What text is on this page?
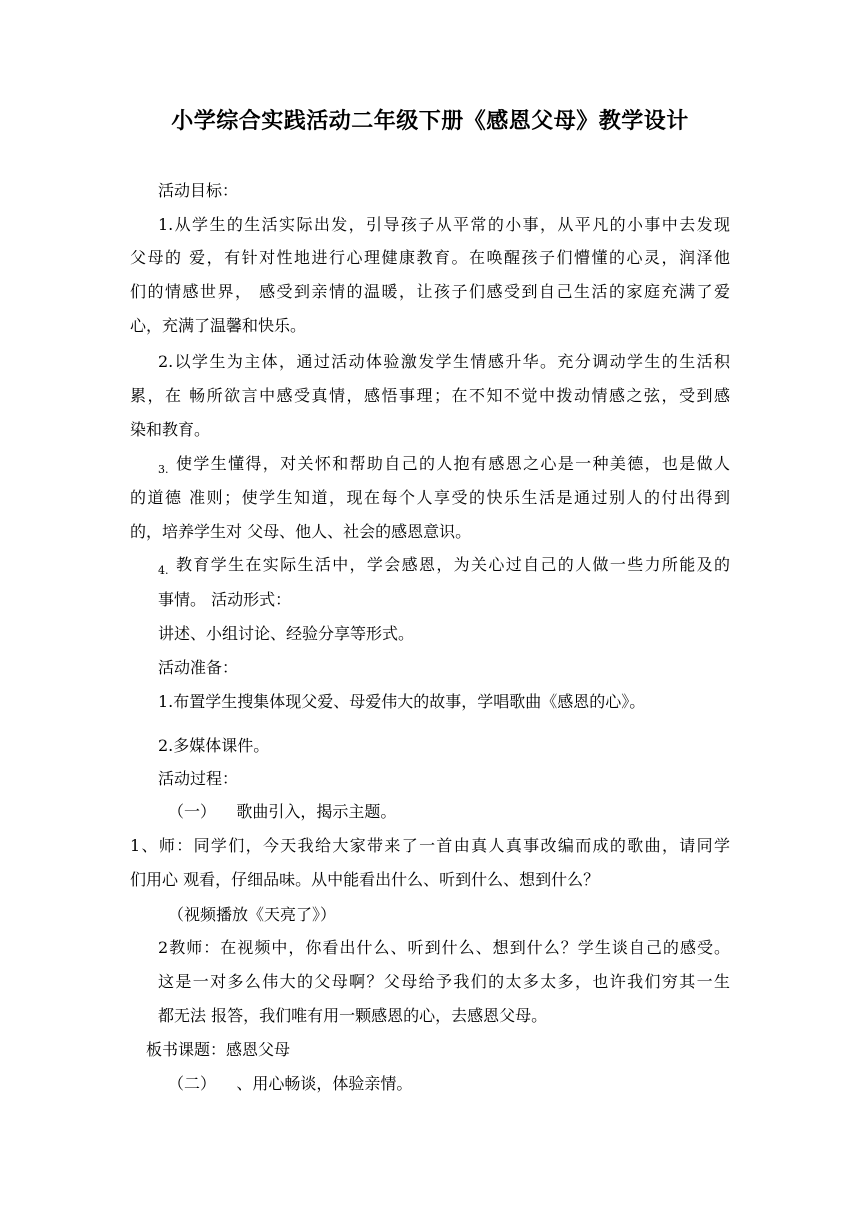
小学综合实践活动二年级下册《感恩父母》教学设计
活动目标：
1.从学生的生活实际出发，引导孩子从平常的小事，从平凡的小事中去发现
父母的 爱，有针对性地进行心理健康教育。在唤醒孩子们懵懂的心灵，润泽他
们的情感世界， 感受到亲情的温暖，让孩子们感受到自己生活的家庭充满了爱
心，充满了温馨和快乐。
2.以学生为主体，通过活动体验激发学生情感升华。充分调动学生的生活积
累，在 畅所欲言中感受真情，感悟事理；在不知不觉中拨动情感之弦，受到感
染和教育。
3. 使学生懂得，对关怀和帮助自己的人抱有感恩之心是一种美德，也是做人
的道德 准则；使学生知道，现在每个人享受的快乐生活是通过别人的付出得到
的，培养学生对 父母、他人、社会的感恩意识。
4. 教育学生在实际生活中，学会感恩，为关心过自己的人做一些力所能及的
事情。 活动形式：
讲述、小组讨论、经验分享等形式。
活动准备：
1.布置学生搜集体现父爱、母爱伟大的故事，学唱歌曲《感恩的心》。
2.多媒体课件。
活动过程：
（一）    歌曲引入，揭示主题。
1、师：同学们，今天我给大家带来了一首由真人真事改编而成的歌曲，请同学
们用心 观看，仔细品味。从中能看出什么、听到什么、想到什么？
（视频播放《天亮了》）
2教师：在视频中，你看出什么、听到什么、想到什么？学生谈自己的感受。
这是一对多么伟大的父母啊？父母给予我们的太多太多，也许我们穷其一生
都无法 报答，我们唯有用一颗感恩的心，去感恩父母。
板书课题：感恩父母
（二）    、用心畅谈，体验亲情。
